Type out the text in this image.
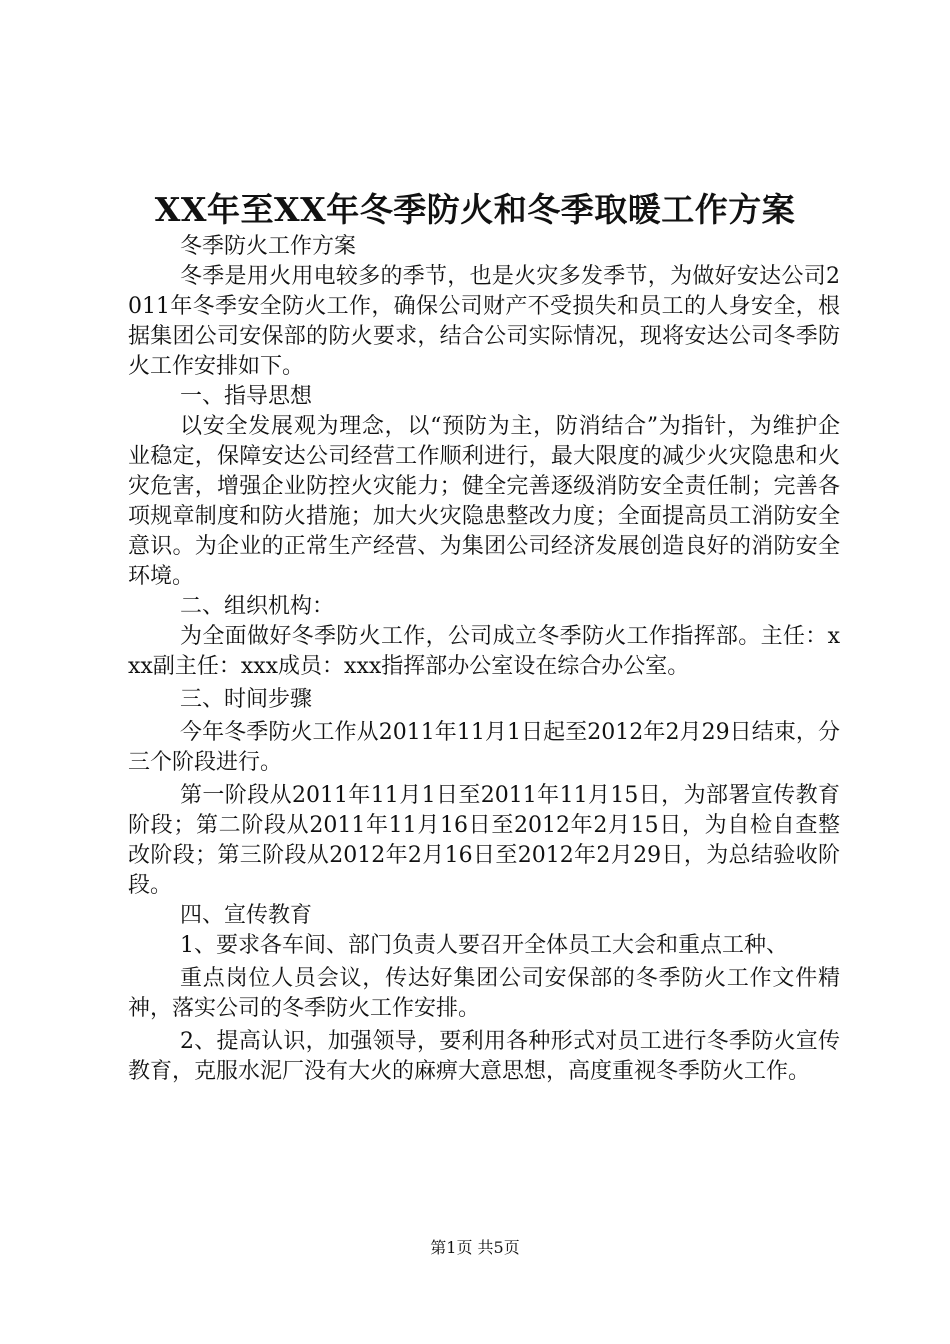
XX年至XX年冬季防火和冬季取暖工作方案

冬季防火工作方案

冬季是用火用电较多的季节，也是火灾多发季节，为做好安达公司2011年冬季安全防火工作，确保公司财产不受损失和员工的人身安全，根据集团公司安保部的防火要求，结合公司实际情况，现将安达公司冬季防火工作安排如下。

一、指导思想

以安全发展观为理念，以“预防为主，防消结合”为指针，为维护企业稳定，保障安达公司经营工作顺利进行，最大限度的减少火灾隐患和火灾危害，增强企业防控火灾能力；健全完善逐级消防安全责任制；完善各项规章制度和防火措施；加大火灾隐患整改力度；全面提高员工消防安全意识。为企业的正常生产经营、为集团公司经济发展创造良好的消防安全环境。

二、组织机构：

为全面做好冬季防火工作，公司成立冬季防火工作指挥部。主任：xxx副主任：xxx成员：xxx指挥部办公室设在综合办公室。

三、时间步骤

今年冬季防火工作从2011年11月1日起至2012年2月29日结束，分三个阶段进行。

第一阶段从2011年11月1日至2011年11月15日，为部署宣传教育阶段；第二阶段从2011年11月16日至2012年2月15日，为自检自查整改阶段；第三阶段从2012年2月16日至2012年2月29日，为总结验收阶段。

四、宣传教育

1、要求各车间、部门负责人要召开全体员工大会和重点工种、

重点岗位人员会议，传达好集团公司安保部的冬季防火工作文件精神，落实公司的冬季防火工作安排。

2、提高认识，加强领导，要利用各种形式对员工进行冬季防火宣传教育，克服水泥厂没有大火的麻痹大意思想，高度重视冬季防火工作。

第1页 共5页
